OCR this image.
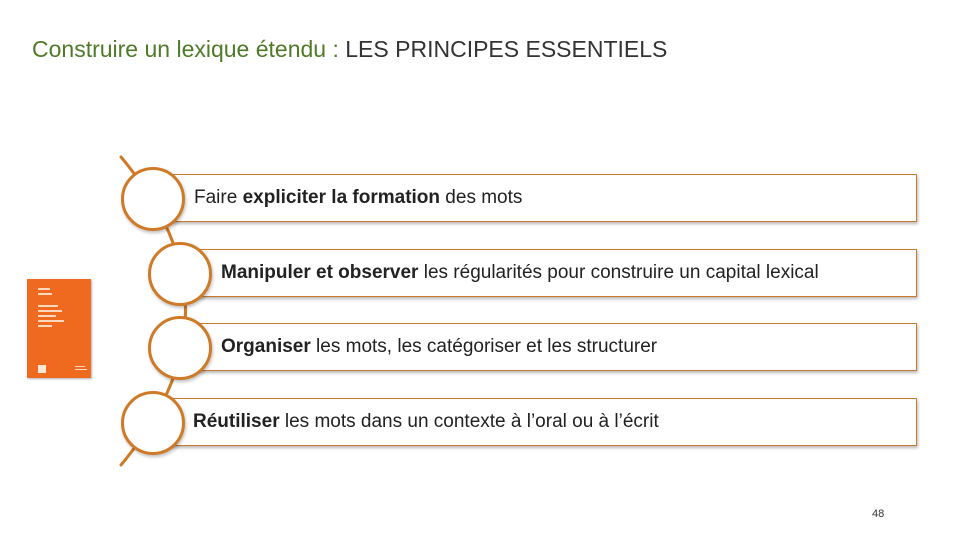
Construire un lexique étendu : LES PRINCIPES ESSENTIELS
Faire expliciter la formation des mots
Manipuler et observer les régularités pour construire un capital lexical
Organiser les mots, les catégoriser et les structurer
Réutiliser les mots dans un contexte à l’oral ou à l’écrit
48
